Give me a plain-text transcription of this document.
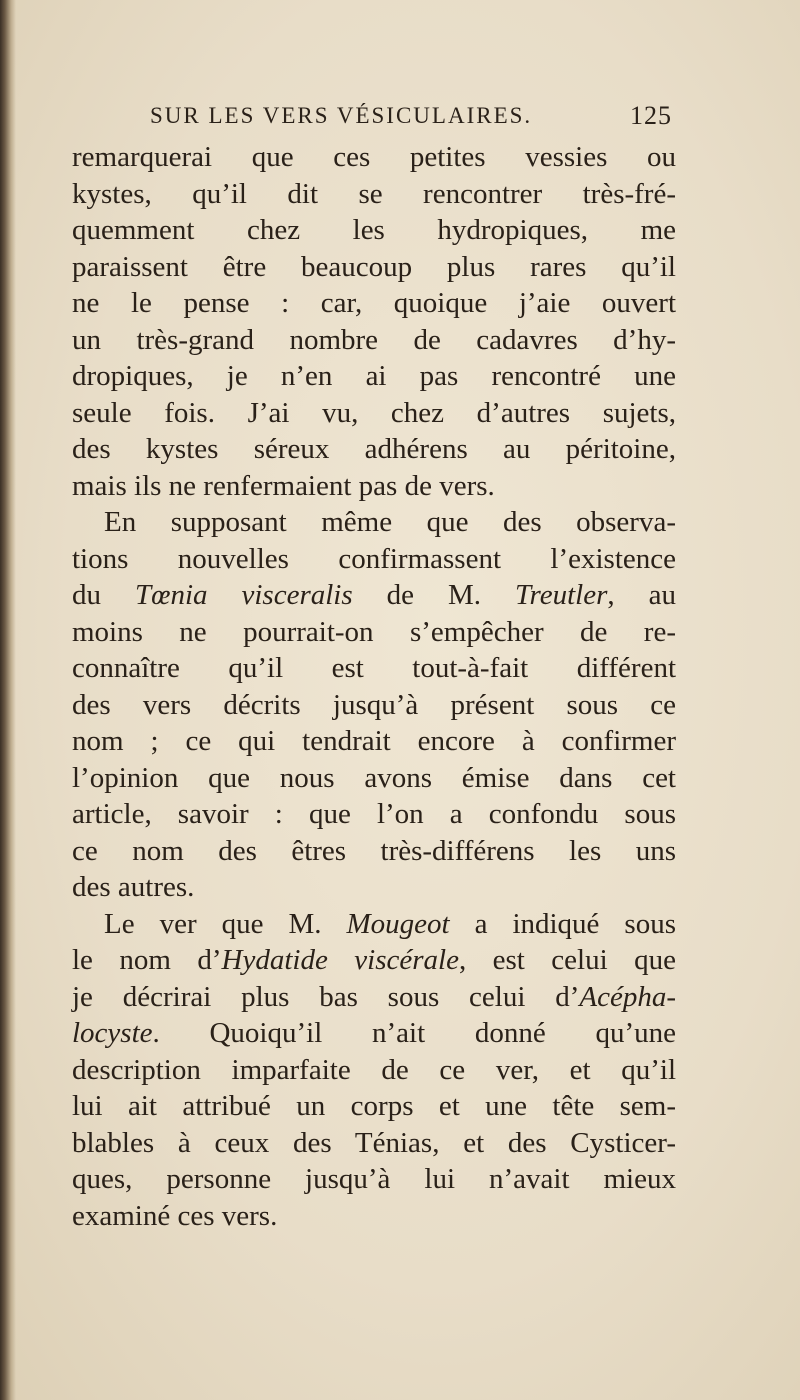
SUR LES VERS VÉSICULAIRES.	125
remarquerai que ces petites vessies ou
kystes, qu’il dit se rencontrer très-fré-
quemment chez les hydropiques, me
paraissent être beaucoup plus rares qu’il
ne le pense : car, quoique j’aie ouvert
un très-grand nombre de cadavres d’hy-
dropiques, je n’en ai pas rencontré une
seule fois. J’ai vu, chez d’autres sujets,
des kystes séreux adhérens au péritoine,
mais ils ne renfermaient pas de vers.
En supposant même que des observa-
tions nouvelles confirmassent l’existence
du Tœnia visceralis de M. Treutler, au
moins ne pourrait-on s’empêcher de re-
connaître qu’il est tout-à-fait différent
des vers décrits jusqu’à présent sous ce
nom ; ce qui tendrait encore à confirmer
l’opinion que nous avons émise dans cet
article, savoir : que l’on a confondu sous
ce nom des êtres très-différens les uns
des autres.
Le ver que M. Mougeot a indiqué sous
le nom d’Hydatide viscérale, est celui que
je décrirai plus bas sous celui d’Acépha-
locyste. Quoiqu’il n’ait donné qu’une
description imparfaite de ce ver, et qu’il
lui ait attribué un corps et une tête sem-
blables à ceux des Ténias, et des Cysticer-
ques, personne jusqu’à lui n’avait mieux
examiné ces vers.
